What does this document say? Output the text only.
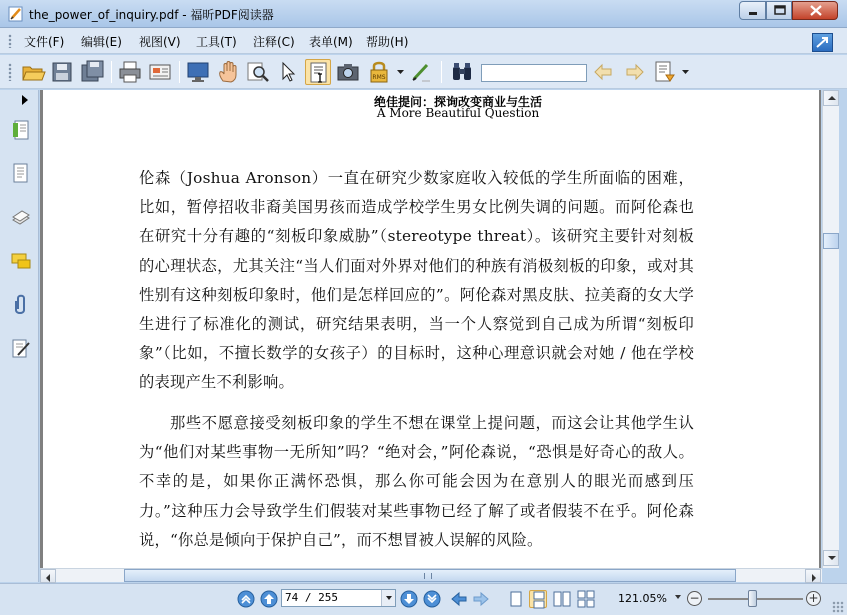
the_power_of_inquiry.pdf - 福昕PDF阅读器
文件(F) 编辑(E) 视图(V) 工具(T) 注释(C) 表单(M) 帮助(H)
RMS
绝佳提问：探询改变商业与生活
A More Beautiful Question

伦森（Joshua Aronson）一直在研究少数家庭收入较低的学生所面临的困难，比如，暂停招收非裔美国男孩而造成学校学生男女比例失调的问题。而阿伦森也在研究十分有趣的“刻板印象威胁”（stereotype threat）。该研究主要针对刻板的心理状态，尤其关注“当人们面对外界对他们的种族有消极刻板的印象，或对其性别有这种刻板印象时，他们是怎样回应的”。阿伦森对黑皮肤、拉美裔的女大学生进行了标准化的测试，研究结果表明，当一个人察觉到自己成为所谓“刻板印象”（比如，不擅长数学的女孩子）的目标时，这种心理意识就会对她 / 他在学校的表现产生不利影响。

那些不愿意接受刻板印象的学生不想在课堂上提问题，而这会让其他学生认为“他们对某些事物一无所知”吗？“绝对会，”阿伦森说，“恐惧是好奇心的敌人。不幸的是，如果你正满怀恐惧，那么你可能会因为在意别人的眼光而感到压力。”这种压力会导致学生们假装对某些事物已经了解了或者假装不在乎。阿伦森说，“你总是倾向于保护自己”，而不想冒被人误解的风险。

74 / 255	121.05% −	+
